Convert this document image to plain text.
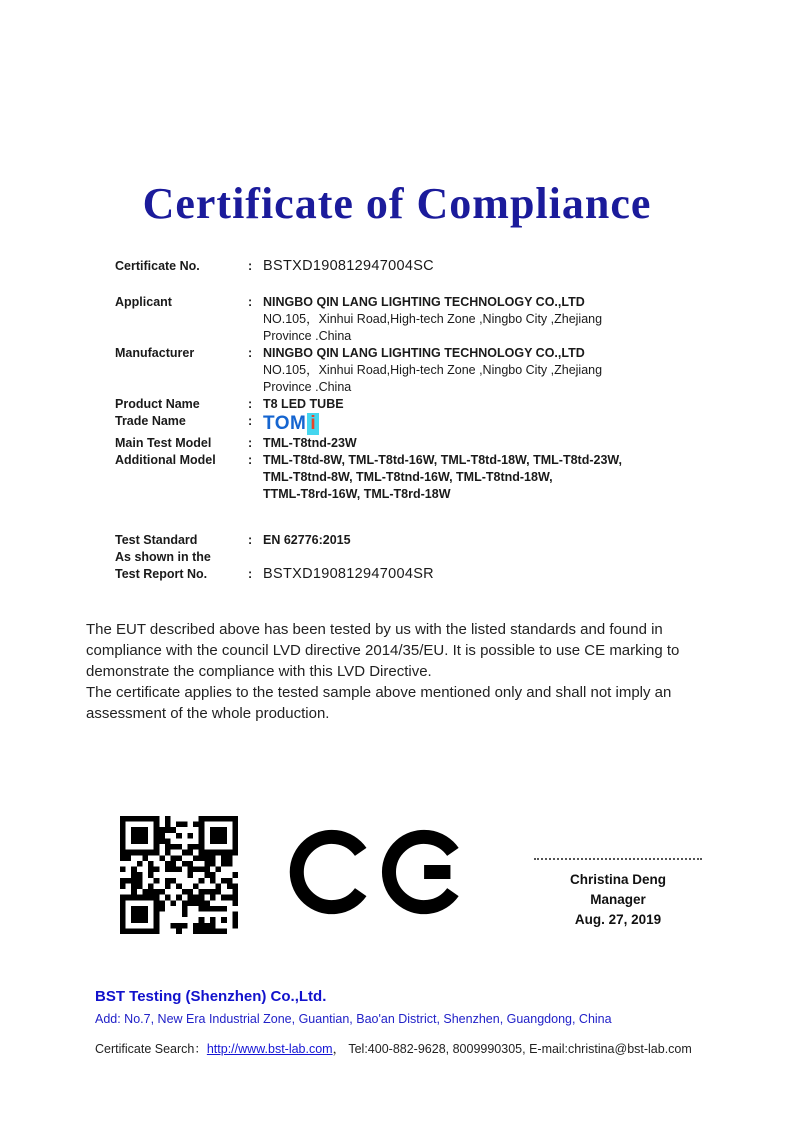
Certificate of Compliance
Certificate No.	: BSTXD190812947004SC
Applicant	: NINGBO QIN LANG LIGHTING TECHNOLOGY CO.,LTD
NO.105，Xinhui Road,High-tech Zone ,Ningbo City ,Zhejiang
Province .China
Manufacturer	: NINGBO QIN LANG LIGHTING TECHNOLOGY CO.,LTD
NO.105，Xinhui Road,High-tech Zone ,Ningbo City ,Zhejiang
Province .China
Product Name	: T8 LED TUBE
Trade Name	: TOM i
Main Test Model	: TML-T8tnd-23W
Additional Model	: TML-T8td-8W, TML-T8td-16W, TML-T8td-18W, TML-T8td-23W,
TML-T8tnd-8W, TML-T8tnd-16W, TML-T8tnd-18W,
TTML-T8rd-16W, TML-T8rd-18W
Test Standard	: EN 62776:2015
As shown in the
Test Report No.	: BSTXD190812947004SR

The EUT described above has been tested by us with the listed standards and found in compliance with the council LVD directive 2014/35/EU. It is possible to use CE marking to demonstrate the compliance with this LVD Directive.

The certificate applies to the tested sample above mentioned only and shall not imply an assessment of the whole production.

Christina Deng
Manager
Aug. 27, 2019
BST Testing (Shenzhen) Co.,Ltd.
Add: No.7, New Era Industrial Zone, Guantian, Bao'an District, Shenzhen, Guangdong, China
Certificate Search：http://www.bst-lab.com， Tel:400-882-9628, 8009990305, E-mail:christina@bst-lab.com
